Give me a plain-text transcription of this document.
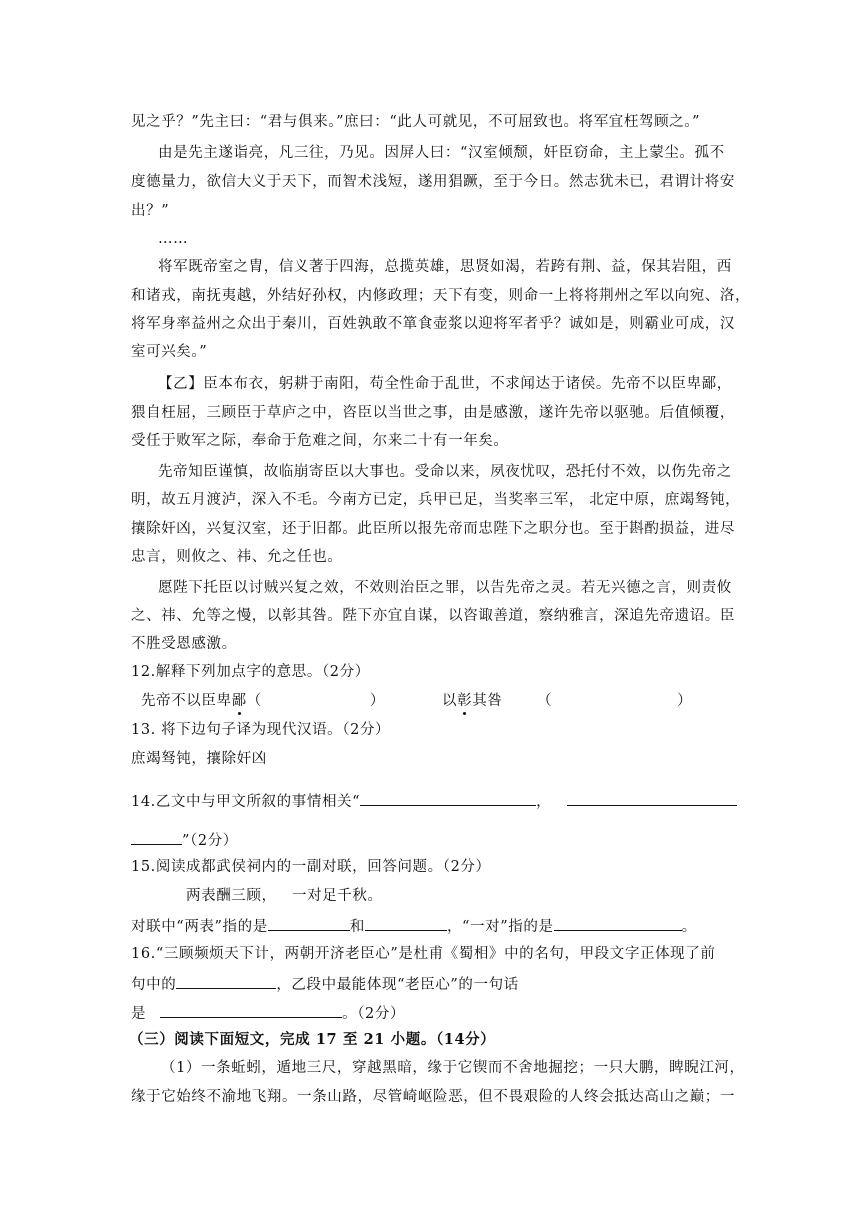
见之乎？”先主曰：“君与俱来。”庶曰：“此人可就见，不可屈致也。将军宜枉驾顾之。”
由是先主遂诣亮，凡三往，乃见。因屏人曰：“汉室倾颓，奸臣窃命，主上蒙尘。孤不
度德量力，欲信大义于天下，而智术浅短，遂用猖蹶，至于今日。然志犹未已，君谓计将安
出？”
……
将军既帝室之胄，信义著于四海，总揽英雄，思贤如渴，若跨有荆、益，保其岩阻，西
和诸戎，南抚夷越，外结好孙权，内修政理；天下有变，则命一上将将荆州之军以向宛、洛，
将军身率益州之众出于秦川，百姓孰敢不箪食壶浆以迎将军者乎？诚如是，则霸业可成，汉
室可兴矣。”
【乙】臣本布衣，躬耕于南阳，苟全性命于乱世，不求闻达于诸侯。先帝不以臣卑鄙，
猥自枉屈，三顾臣于草庐之中，咨臣以当世之事，由是感激，遂许先帝以驱驰。后值倾覆，
受任于败军之际，奉命于危难之间，尔来二十有一年矣。
先帝知臣谨慎，故临崩寄臣以大事也。受命以来，夙夜忧叹，恐托付不效，以伤先帝之
明，故五月渡泸，深入不毛。今南方已定，兵甲已足，当奖率三军， 北定中原，庶竭驽钝，
攘除奸凶，兴复汉室，还于旧都。此臣所以报先帝而忠陛下之职分也。至于斟酌损益，进尽
忠言，则攸之、祎、允之任也。
愿陛下托臣以讨贼兴复之效，不效则治臣之罪，以告先帝之灵。若无兴德之言，则责攸
之、祎、允等之慢，以彰其咎。陛下亦宜自谋，以咨诹善道，察纳雅言，深追先帝遗诏。臣
不胜受恩感激。
12.解释下列加点字的意思。（2分）
先帝不以臣卑鄙（	）	以彰其咎 （	）
13. 将下边句子译为现代汉语。（2分）
庶竭驽钝，攘除奸凶
14.乙文中与甲文所叙的事情相关“	，
”（2分）
15.阅读成都武侯祠内的一副对联，回答问题。（2分）
两表酬三顾， 一对足千秋。
对联中“两表”指的是	和	，“一对”指的是	。
16.“三顾频烦天下计，两朝开济老臣心”是杜甫《蜀相》中的名句，甲段文字正体现了前
句中的	，乙段中最能体现“老臣心”的一句话
是	。（2分）
（三）阅读下面短文，完成 17 至 21 小题。（14分）
（1）一条蚯蚓，遁地三尺，穿越黑暗，缘于它锲而不舍地掘挖；一只大鹏，睥睨江河，
缘于它始终不渝地飞翔。一条山路，尽管崎岖险恶，但不畏艰险的人终会抵达高山之巅；一
